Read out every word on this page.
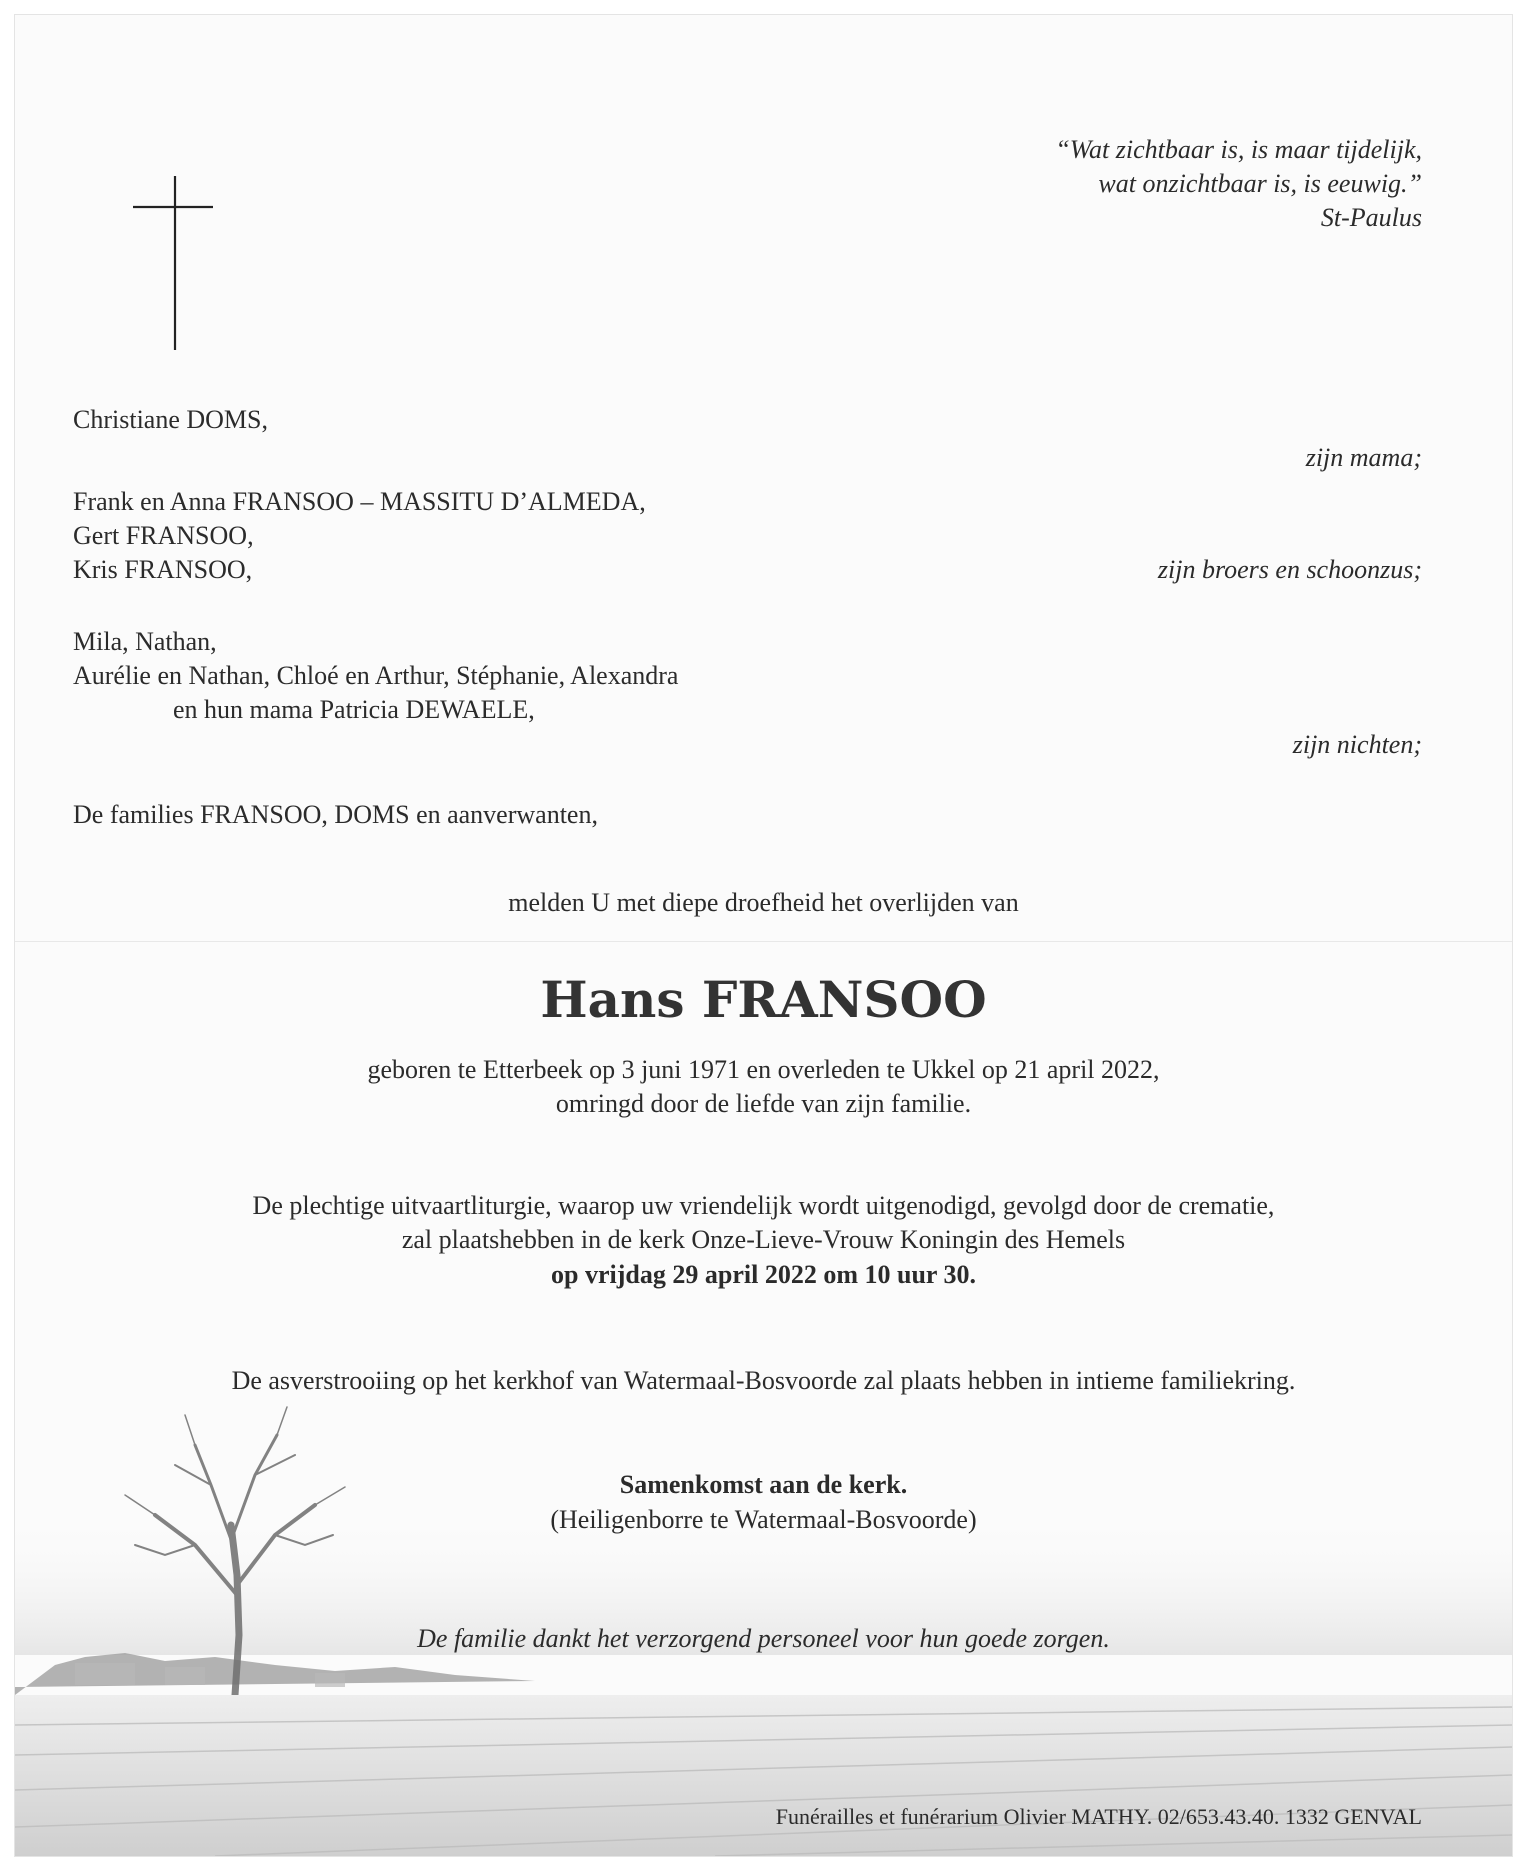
“Wat zichtbaar is, is maar tijdelijk,
wat onzichtbaar is, is eeuwig.”
St-Paulus
Christiane DOMS,
zijn mama;
Frank en Anna FRANSOO – MASSITU D’ALMEDA,
Gert FRANSOO,
Kris FRANSOO,	zijn broers en schoonzus;
Mila, Nathan,
Aurélie en Nathan, Chloé en Arthur, Stéphanie, Alexandra
en hun mama Patricia DEWAELE,
zijn nichten;
De families FRANSOO, DOMS en aanverwanten,
melden U met diepe droefheid het overlijden van
Hans FRANSOO
geboren te Etterbeek op 3 juni 1971 en overleden te Ukkel op 21 april 2022,
omringd door de liefde van zijn familie.
De plechtige uitvaartliturgie, waarop uw vriendelijk wordt uitgenodigd, gevolgd door de crematie,
zal plaatshebben in de kerk Onze-Lieve-Vrouw Koningin des Hemels
op vrijdag 29 april 2022 om 10 uur 30.
De asverstrooiing op het kerkhof van Watermaal-Bosvoorde zal plaats hebben in intieme familiekring.
Samenkomst aan de kerk.
(Heiligenborre te Watermaal-Bosvoorde)
De familie dankt het verzorgend personeel voor hun goede zorgen.
Funérailles et funérarium Olivier MATHY. 02/653.43.40. 1332 GENVAL
